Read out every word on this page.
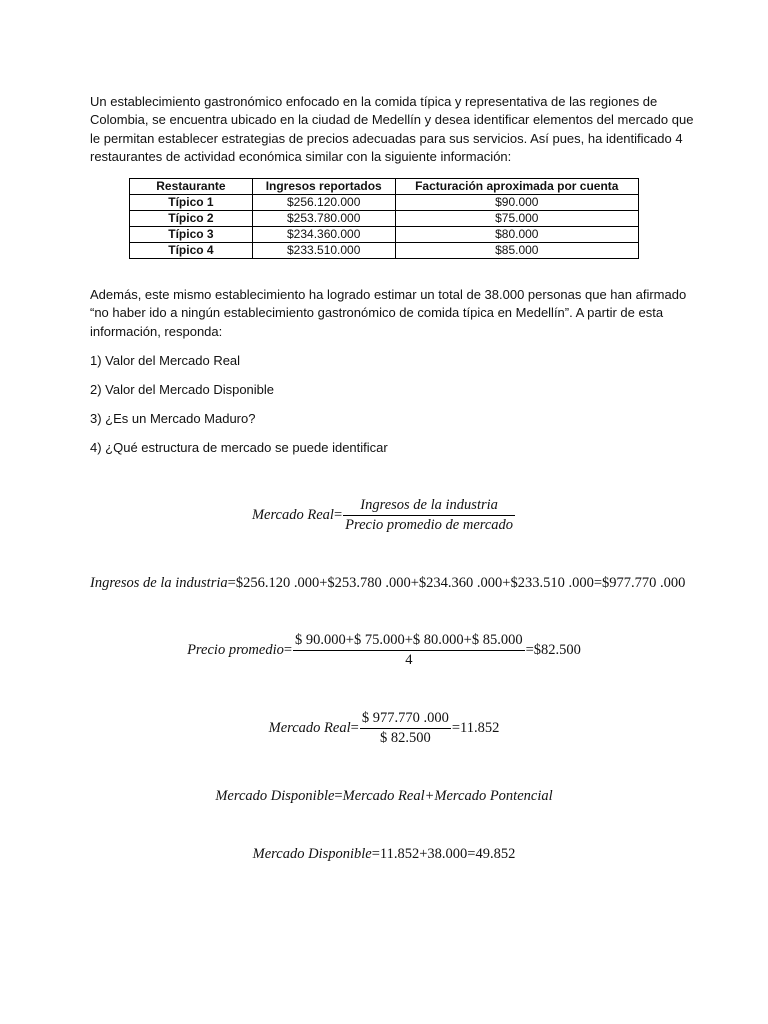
Un establecimiento gastronómico enfocado en la comida típica y representativa de las regiones de
Colombia, se encuentra ubicado en la ciudad de Medellín y desea identificar elementos del mercado que
le permitan establecer estrategias de precios adecuadas para sus servicios. Así pues, ha identificado 4
restaurantes de actividad económica similar con la siguiente información:

Restaurante	Ingresos reportados	Facturación aproximada por cuenta
Típico 1	$256.120.000	$90.000
Típico 2	$253.780.000	$75.000
Típico 3	$234.360.000	$80.000
Típico 4	$233.510.000	$85.000

Además, este mismo establecimiento ha logrado estimar un total de 38.000 personas que han afirmado
“no haber ido a ningún establecimiento gastronómico de comida típica en Medellín”. A partir de esta
información, responda:

1) Valor del Mercado Real

2) Valor del Mercado Disponible

3) ¿Es un Mercado Maduro?

4) ¿Qué estructura de mercado se puede identificar

Mercado Real= $\frac{\text{Ingresos de la industria}}{\text{Precio promedio de mercado}}$
Ingresos de la industria=$256.120 .000+$253.780 .000+$234.360 .000+$233.510 .000=$977.770 .000
Precio promedio= $\frac{\$ 90.000+\$ 75.000+\$ 80.000+\$ 85.000}{4}$ =$82.500
Mercado Real= $\frac{\$ 977.770 .000}{\$ 82.500} =11.852$
Mercado Disponible=Mercado Real+Mercado Pontencial
Mercado Disponible=11.852+38.000=49.852
